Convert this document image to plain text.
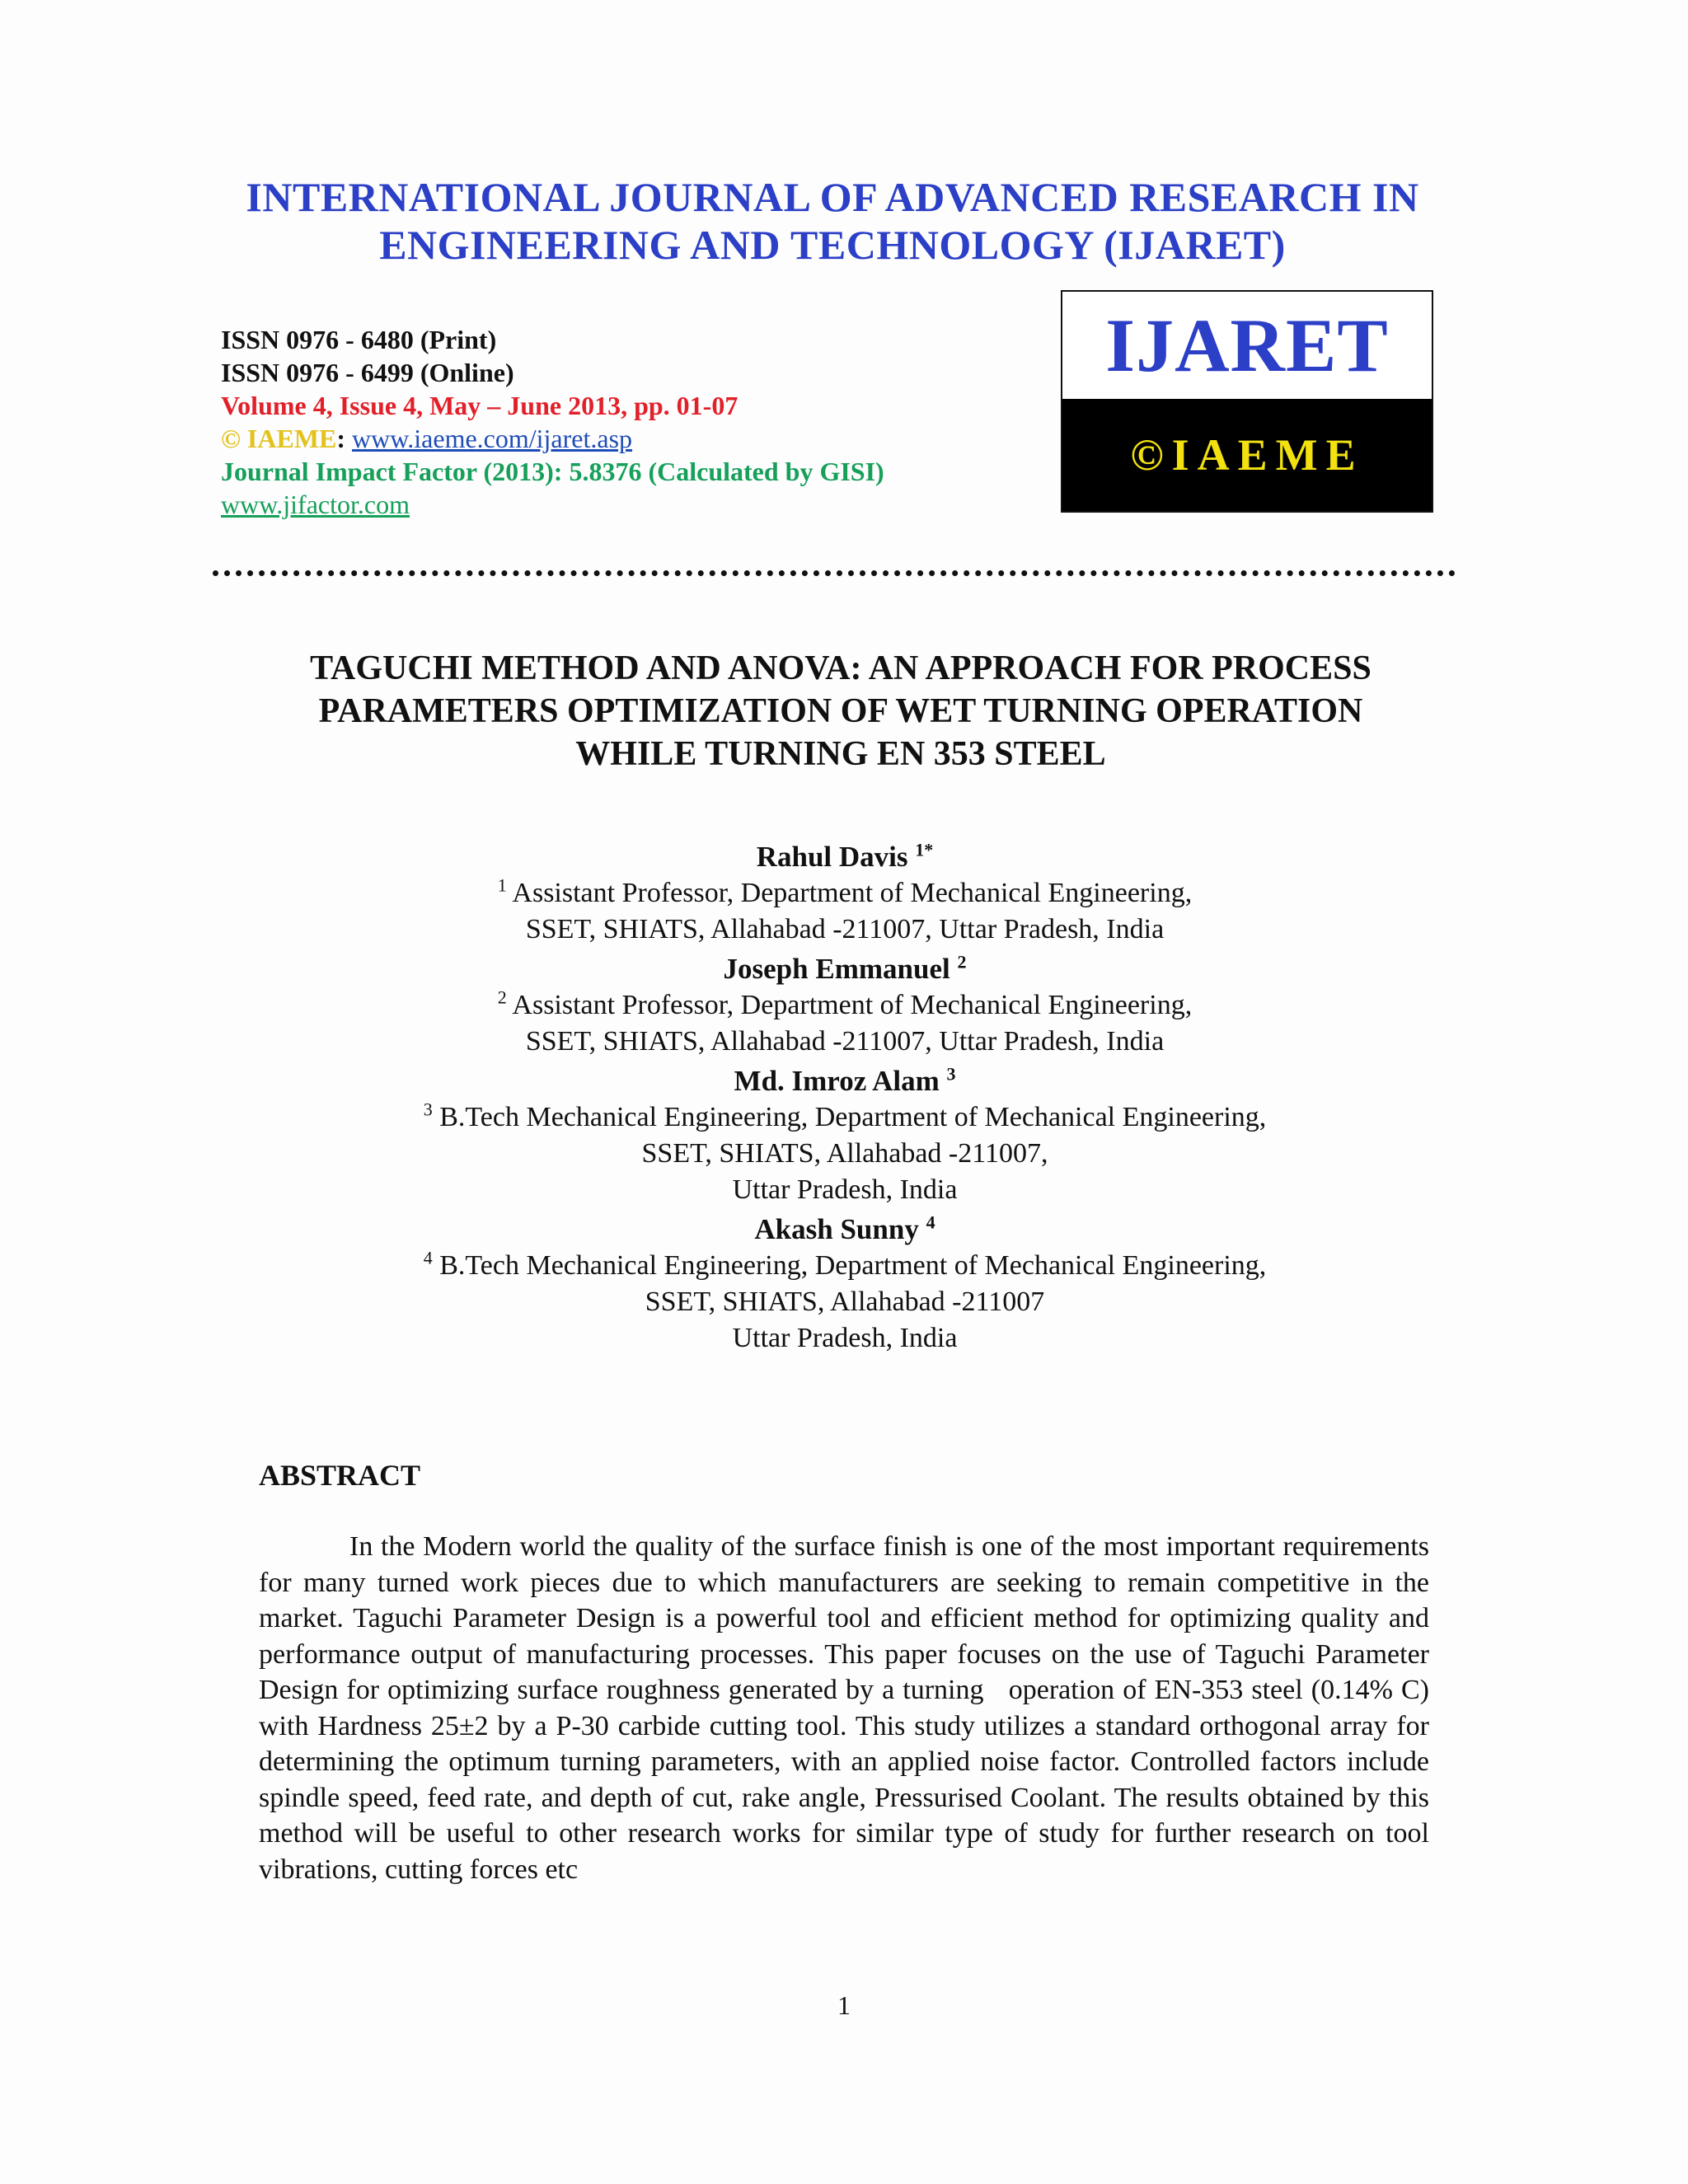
INTERNATIONAL JOURNAL OF ADVANCED RESEARCH IN
ENGINEERING AND TECHNOLOGY (IJARET)
ISSN 0976 - 6480 (Print)
ISSN 0976 - 6499 (Online)
Volume 4, Issue 4, May – June 2013, pp. 01-07
© IAEME: www.iaeme.com/ijaret.asp
Journal Impact Factor (2013): 5.8376 (Calculated by GISI)
www.jifactor.com
IJARET
©IAEME
TAGUCHI METHOD AND ANOVA: AN APPROACH FOR PROCESS
PARAMETERS OPTIMIZATION OF WET TURNING OPERATION
WHILE TURNING EN 353 STEEL
Rahul Davis $^{1*}$
$^1$ Assistant Professor, Department of Mechanical Engineering,
SSET, SHIATS, Allahabad -211007, Uttar Pradesh, India
Joseph Emmanuel $^2$
$^2$ Assistant Professor, Department of Mechanical Engineering,
SSET, SHIATS, Allahabad -211007, Uttar Pradesh, India
Md. Imroz Alam $^3$
$^3$ B.Tech Mechanical Engineering, Department of Mechanical Engineering,
SSET, SHIATS, Allahabad -211007,
Uttar Pradesh, India
Akash Sunny $^4$
$^4$ B.Tech Mechanical Engineering, Department of Mechanical Engineering,
SSET, SHIATS, Allahabad -211007
Uttar Pradesh, India
ABSTRACT

In the Modern world the quality of the surface finish is one of the most important requirements for many turned work pieces due to which manufacturers are seeking to remain competitive in the market. Taguchi Parameter Design is a powerful tool and efficient method for optimizing quality and performance output of manufacturing processes. This paper focuses on the use of Taguchi Parameter Design for optimizing surface roughness generated by a turning   operation of EN-353 steel (0.14% C) with Hardness 25±2 by a P-30 carbide cutting tool. This study utilizes a standard orthogonal array for determining the optimum turning parameters, with an applied noise factor. Controlled factors include spindle speed, feed rate, and depth of cut, rake angle, Pressurised Coolant. The results obtained by this method will be useful to other research works for similar type of study for further research on tool vibrations, cutting forces etc

1
